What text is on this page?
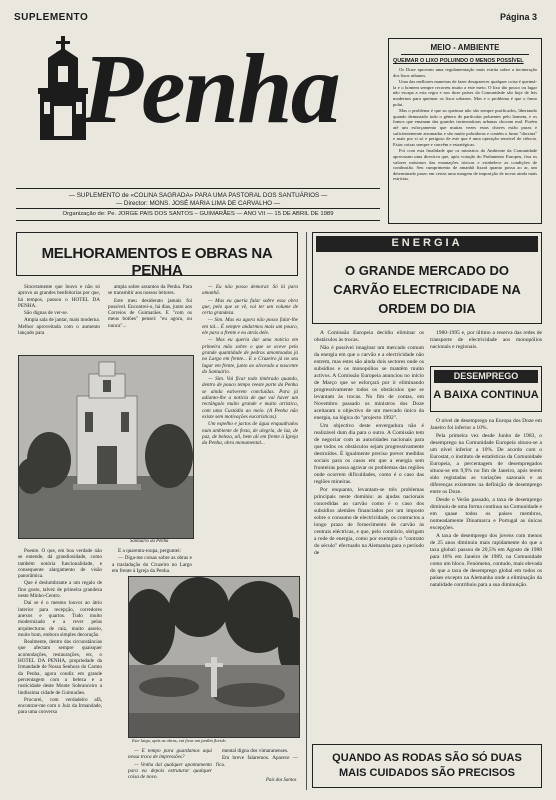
SUPLEMENTO	Página 3
Penha
— SUPLEMENTO de «COLINA SAGRADA» PARA UMA PASTORAL DOS SANTUÁRIOS —
— Director: MONS. JOSÉ MARIA LIMA DE CARVALHO —
Organização de: Pe. JORGE PAIS DOS SANTOS – GUIMARÃES — ANO VII — 15 DE ABRIL DE 1989
MEIO - AMBIENTE
QUEIMAR O LIXO POLUINDO O MENOS POSSÍVEL

Os Doze aprovam uma regulamentação mais estrita sobre a incineração dos lixos urbanos.

Uma das melhores maneiras de fazer desaparecer qualquer coisa é queimá-la e o homem sempre recorreu muito a este meio. O lixo tão pouco ou lugar não escapa a esta regra e nos doze países da Comunidade são hoje de leis modernos para queimar os lixos urbanos. Mas e o problema é que o fumo polui.

Mas o problema é que ao queimar não são sempre purificados, libertando quando demasiado todo o género de partículas poluentes pelo homem, e os fumos que emanam das grandes incineradoras urbanas chocam mal. Porém até um esforçamento que muitas vezes estas chaves estão puras e suficientemente arrumadas e são muito poluidoras e contém o fumo "dioxina" e mais por si só e perigoso de este que é uma operação sensível de ciência. Estas coisas sempre e convêm e estratégicas.

Foi com esta finalidade que os ministros do Ambiente da Comunidade aprovaram uma directiva que, após votação do Parlamento Europeu, fixa os valores máximos das emanações tóxicas e estabelece as condições de combustão. Seu cumprimento de amanhã fixará quanto possa ao ar, um determinado prazo em certas uma margem de imposição de novas ainda mais estrictas.

MELHORAMENTOS E OBRAS NA PENHA

Sinceramente que louvo e não só aprovo as grandes benfeitorias por que, há tempos, passou o HOTEL DA PENHA.

São dignas de ver-se.

Ampla sala de jantar, mais moderna. Melhor aproveitada com o aumento lançado para

ampla sobre assuntos da Penha. Para se transmitir aos nossos leitores.

Este meu desiderato jamais foi possível. Encontrei-o, há dias, junto aos Correios de Guimarães. E "com os meus botões" pensei: "eu agora, ou nunca"...

— Eu não posso demorar. Só lá para amanhã.

— Mas eu queria falar sobre essa obra que, pelo que se vê, vai ter um volume de certa grandeza.

— Sim. Mas eu agora não posso falar-lhe em tal... É sempre andarmos mais um pouco, ele para a frente e eu atrás dele.

— Mas eu queria dar uma notícia em primeira mão sobre o que se aceve pela grande quantidade de pedras amontoadas já no Largo em frente... E o Cruzeiro já no seu lugar em frente, junto ao alvorado a nascente do Santuário.

— Sim. Vai ficar todo timbrado quando, dentro de pouco tempo reeste parte da Penha se ainda estiverem concluídas. Para já adianto-lhe a notícia de que vai haver um rectângulo muito grande e muito artístico, com uma Custódia ao meio. (A Penha não existe sem motivações eucarísticas).

Um espelho e jactos de água enquadrados num ambiente de festa, de alegria, de luz, de paz, de beleza, ali, bem ali em frente à Igreja da Penha, obra monumental...

Santuário da Penha

Poente. O que, em boa verdade não se entende, dá grandiosidade, como também notória funcionalidade, e consequente alargamento de visão panorâmica.

Que é deslumbrante a um regalo de fino gosto, talvez de primeira grandeza neste Minho-Centro.

Daí se é o mesmo louvor ao átrio interior para recepção, corredores anexos e quartos. Tudo muito modernizado e a rever pelas arquitecturas de raiz, muito asseio, muito bom, embora simples decoração.

Realmente, dentro das circunstâncias que afectam sempre quaisquer acomodações, restaurações, etc, o HOTEL DA PENHA, propriedade da Irmandade de Nossa Senhora do Carmo da Penha, agora condiz em grande percentagem com a beleza e a rusticidade deste Monte Sobranceiro a lindissima cidade de Guimarães.

Procurei, com verdadeiro afã, encontrar-me com o Juiz da Irmandade, para uma conversa

É a quarenta-roupa, perguntei:

— Diga-me coisas sobre as obras e a trasladação do Cruzeiro no Largo em frente à Igreja da Penha.

Este largo, após as obras, vai ficar um jardim florido

— E tempo para guardamos aqui nessa troca de impressões?

— Venha daí qualquer apontamento para eu depois estruturar qualquer coisa de novo.

mental digna dos vimaranenses.

Em breve falaremos. Aparece — fica.

Pais dos Santos
ENERGIA
O GRANDE MERCADO DO CARVÃO ELECTRICIDADE NA ORDEM DO DIA

A Comissão Europeia decidiu eliminar os obstáculos às trocas.

Não é possível imaginar um mercado comum da energia em que o carvão e a electricidade não entrem, mas estes são ainda dois sectores onde os subsídios e os monopólios se mantêm muito activos. A Comissão Europeia anunciou no início de Março que se esforçará por ir eliminando progressivamente todos os obstáculos que se levantam às trocas. No fim de contas, em Novembro passado os ministros dos Doze aceitaram o objectivo de um mercado único da energia, na lógica do "projecto 1992".

Um objectivo deste envergadura não é realizável dum dia para o outro. A Comissão tem de negociar com as autoridades nacionais para que todos os obstáculos sejam progressivamente destruídos. É igualmente preciso prever medidas sociais para os casos em que a energia sem fronteiras possa agravar os problemas das regiões onde ocorrem dificuldades, como é o caso das regiões mineiras.

Por enquanto, levantam-se três problemas principais neste domínio: as ajudas nacionais concedidas ao carvão como é o caso dos subsídios alemães financiados por um imposto sobre o consumo de electricidade, os contractos a longo prazo de fornecimento de carvão às centrais eléctricas, e que, pelo contrário, obrigam a rede de energia, como por exemplo o "contrato do século" efectuado na Alemanha para o período de

1980-1995 e, por último a reserva das redes de transporte de electricidade aos monopólios nacionais e regionais.

DESEMPREGO
A BAIXA CONTINUA

O nível de desemprego na Europa dos Doze em Janeiro foi inferior a 10%.

Pela primeira vez desde Junho de 1983, o desemprego na Comunidade Europeia situou-se a um nível inferior a 10%. De acordo com o Eurostat, o instituto de estatísticas da Comunidade Europeia, a percentagem de desempregados situou-se em 9,9% no fim de Janeiro, após terem sido registadas as variações sazonais e as diferenças existentes na definição de desemprego entre os Doze.

Desde o Verão passado, a taxa de desemprego diminuiu de uma forma contínua na Comunidade e em quase todos os países membros, nomeadamente Dinamarca e Portugal as únicas excepções.

A taxa de desemprego dos jovens com menos de 25 anos diminuiu mais rapidamente do que a taxa global: passou de 20,5% em Agosto de 1988 para 18% em Janeiro de 1989, na Comunidade como um bloco. Fenómeno, contudo, mais elevada do que a taxa de desemprego global em todos os países excepto na Alemanha onde a eliminação da natalidade contribuiu para a sua diminuição.

QUANDO AS RODAS SÃO SÓ DUAS MAIS CUIDADOS SÃO PRECISOS
